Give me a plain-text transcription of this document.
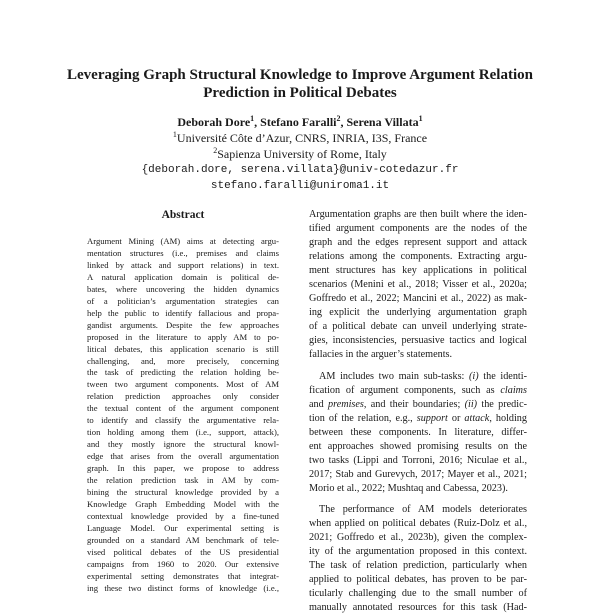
Leveraging Graph Structural Knowledge to Improve Argument Relation
Prediction in Political Debates
Deborah Dore$^1$, Stefano Faralli$^2$, Serena Villata$^1$
$^1$Université Côte d’Azur, CNRS, INRIA, I3S, France
$^2$Sapienza University of Rome, Italy
{deborah.dore, serena.villata}@univ-cotedazur.fr
stefano.faralli@uniroma1.it
Abstract
Argument Mining (AM) aims at detecting argu-
mentation structures (i.e., premises and claims
linked by attack and support relations) in text.
A natural application domain is political de-
bates, where uncovering the hidden dynamics
of a politician’s argumentation strategies can
help the public to identify fallacious and propa-
gandist arguments. Despite the few approaches
proposed in the literature to apply AM to po-
litical debates, this application scenario is still
challenging, and, more precisely, concerning
the task of predicting the relation holding be-
tween two argument components. Most of AM
relation prediction approaches only consider
the textual content of the argument component
to identify and classify the argumentative rela-
tion holding among them (i.e., support, attack),
and they mostly ignore the structural knowl-
edge that arises from the overall argumentation
graph. In this paper, we propose to address
the relation prediction task in AM by com-
bining the structural knowledge provided by a
Knowledge Graph Embedding Model with the
contextual knowledge provided by a fine-tuned
Language Model. Our experimental setting is
grounded on a standard AM benchmark of tele-
vised political debates of the US presidential
campaigns from 1960 to 2020. Our extensive
experimental setting demonstrates that integrat-
ing these two distinct forms of knowledge (i.e.,
Argumentation graphs are then built where the iden-
tified argument components are the nodes of the
graph and the edges represent support and attack
relations among the components. Extracting argu-
ment structures has key applications in political
scenarios (Menini et al., 2018; Visser et al., 2020a;
Goffredo et al., 2022; Mancini et al., 2022) as mak-
ing explicit the underlying argumentation graph
of a political debate can unveil underlying strate-
gies, inconsistencies, persuasive tactics and logical
fallacies in the arguer’s statements.
AM includes two main sub-tasks: (i) the identi-
fication of argument components, such as claims
and premises, and their boundaries; (ii) the predic-
tion of the relation, e.g., support or attack, holding
between these components. In literature, differ-
ent approaches showed promising results on the
two tasks (Lippi and Torroni, 2016; Niculae et al.,
2017; Stab and Gurevych, 2017; Mayer et al., 2021;
Morio et al., 2022; Mushtaq and Cabessa, 2023).
The performance of AM models deteriorates
when applied on political debates (Ruiz-Dolz et al.,
2021; Goffredo et al., 2023b), given the complex-
ity of the argumentation proposed in this context.
The task of relation prediction, particularly when
applied to political debates, has proven to be par-
ticularly challenging due to the small number of
manually annotated resources for this task (Had-
